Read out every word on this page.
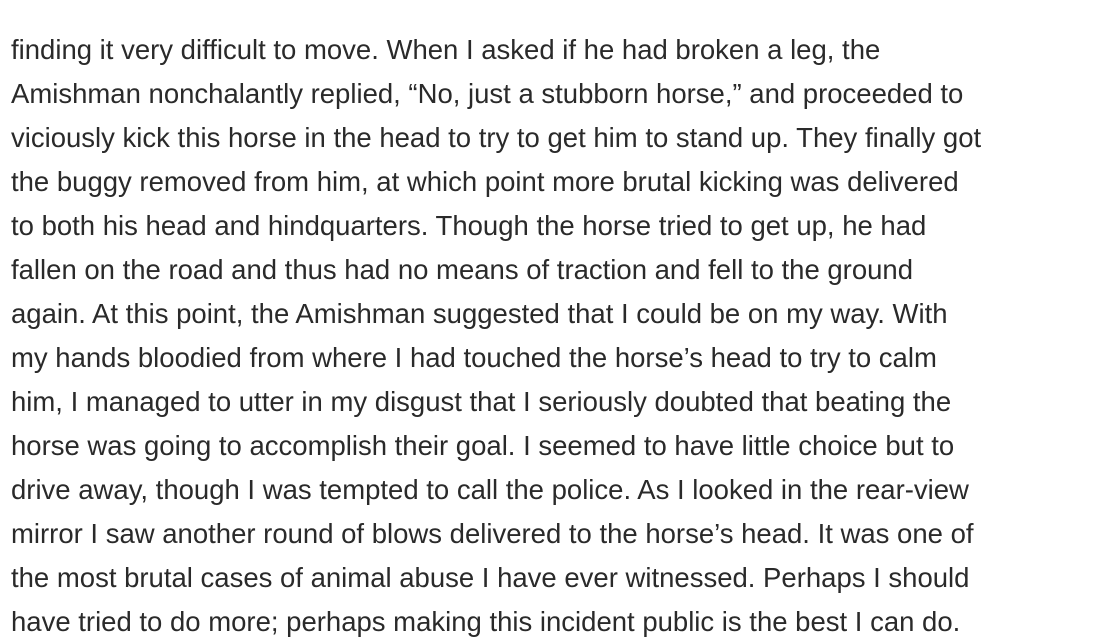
finding it very difficult to move. When I asked if he had broken a leg, the
Amishman nonchalantly replied, “No, just a stubborn horse,” and proceeded to
viciously kick this horse in the head to try to get him to stand up. They finally got
the buggy removed from him, at which point more brutal kicking was delivered
to both his head and hindquarters. Though the horse tried to get up, he had
fallen on the road and thus had no means of traction and fell to the ground
again. At this point, the Amishman suggested that I could be on my way. With
my hands bloodied from where I had touched the horse’s head to try to calm
him, I managed to utter in my disgust that I seriously doubted that beating the
horse was going to accomplish their goal. I seemed to have little choice but to
drive away, though I was tempted to call the police. As I looked in the rear-view
mirror I saw another round of blows delivered to the horse’s head. It was one of
the most brutal cases of animal abuse I have ever witnessed. Perhaps I should
have tried to do more; perhaps making this incident public is the best I can do.
